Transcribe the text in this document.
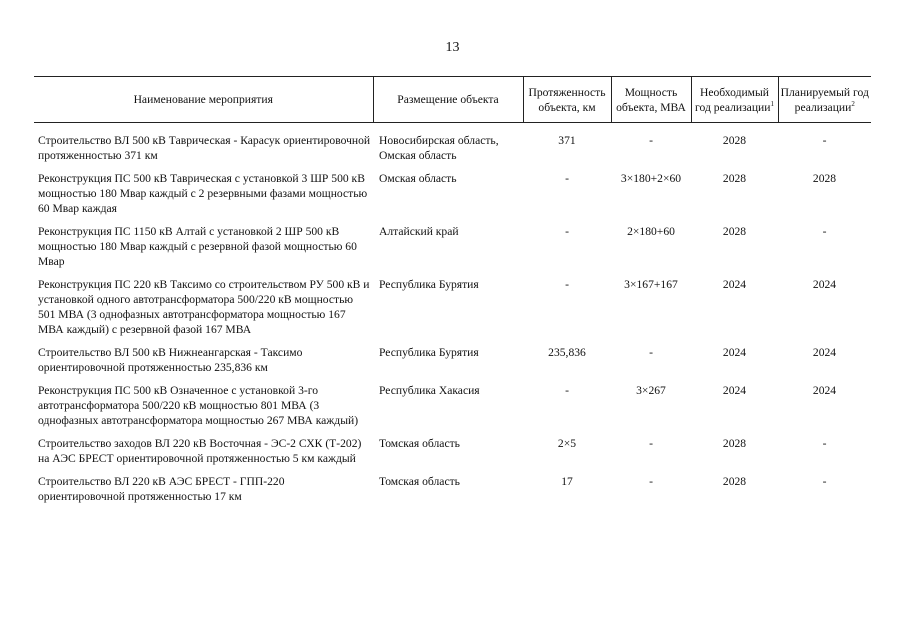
13
Наименование мероприятия	Размещение объекта	Протяженность объекта, км	Мощность объекта, МВА	Необходимый год реализации$^1$	Планируемый год реализации$^2$

Строительство ВЛ 500 кВ Таврическая - Карасук ориентировочной протяженностью 371 км	Новосибирская область, Омская область	371	-	2028	-
Реконструкция ПС 500 кВ Таврическая с установкой 3 ШР 500 кВ мощностью 180 Мвар каждый с 2 резервными фазами мощностью 60 Мвар каждая	Омская область	-	3×180+2×60	2028	2028
Реконструкция ПС 1150 кВ Алтай с установкой 2 ШР 500 кВ мощностью 180 Мвар каждый с резервной фазой мощностью 60 Мвар	Алтайский край	-	2×180+60	2028	-
Реконструкция ПС 220 кВ Таксимо со строительством РУ 500 кВ и установкой одного автотрансформатора 500/220 кВ мощностью 501 МВА (3 однофазных автотрансформатора мощностью 167 МВА каждый) с резервной фазой 167 МВА	Республика Бурятия	-	3×167+167	2024	2024
Строительство ВЛ 500 кВ Нижнеангарская - Таксимо ориентировочной протяженностью 235,836 км	Республика Бурятия	235,836	-	2024	2024
Реконструкция ПС 500 кВ Означенное с установкой 3-го автотрансформатора 500/220 кВ мощностью 801 МВА (3 однофазных автотрансформатора мощностью 267 МВА каждый)	Республика Хакасия	-	3×267	2024	2024
Строительство заходов ВЛ 220 кВ Восточная - ЭС-2 СХК (Т-202) на АЭС БРЕСТ ориентировочной протяженностью 5 км каждый	Томская область	2×5	-	2028	-
Строительство ВЛ 220 кВ АЭС БРЕСТ - ГПП-220 ориентировочной протяженностью 17 км	Томская область	17	-	2028	-
